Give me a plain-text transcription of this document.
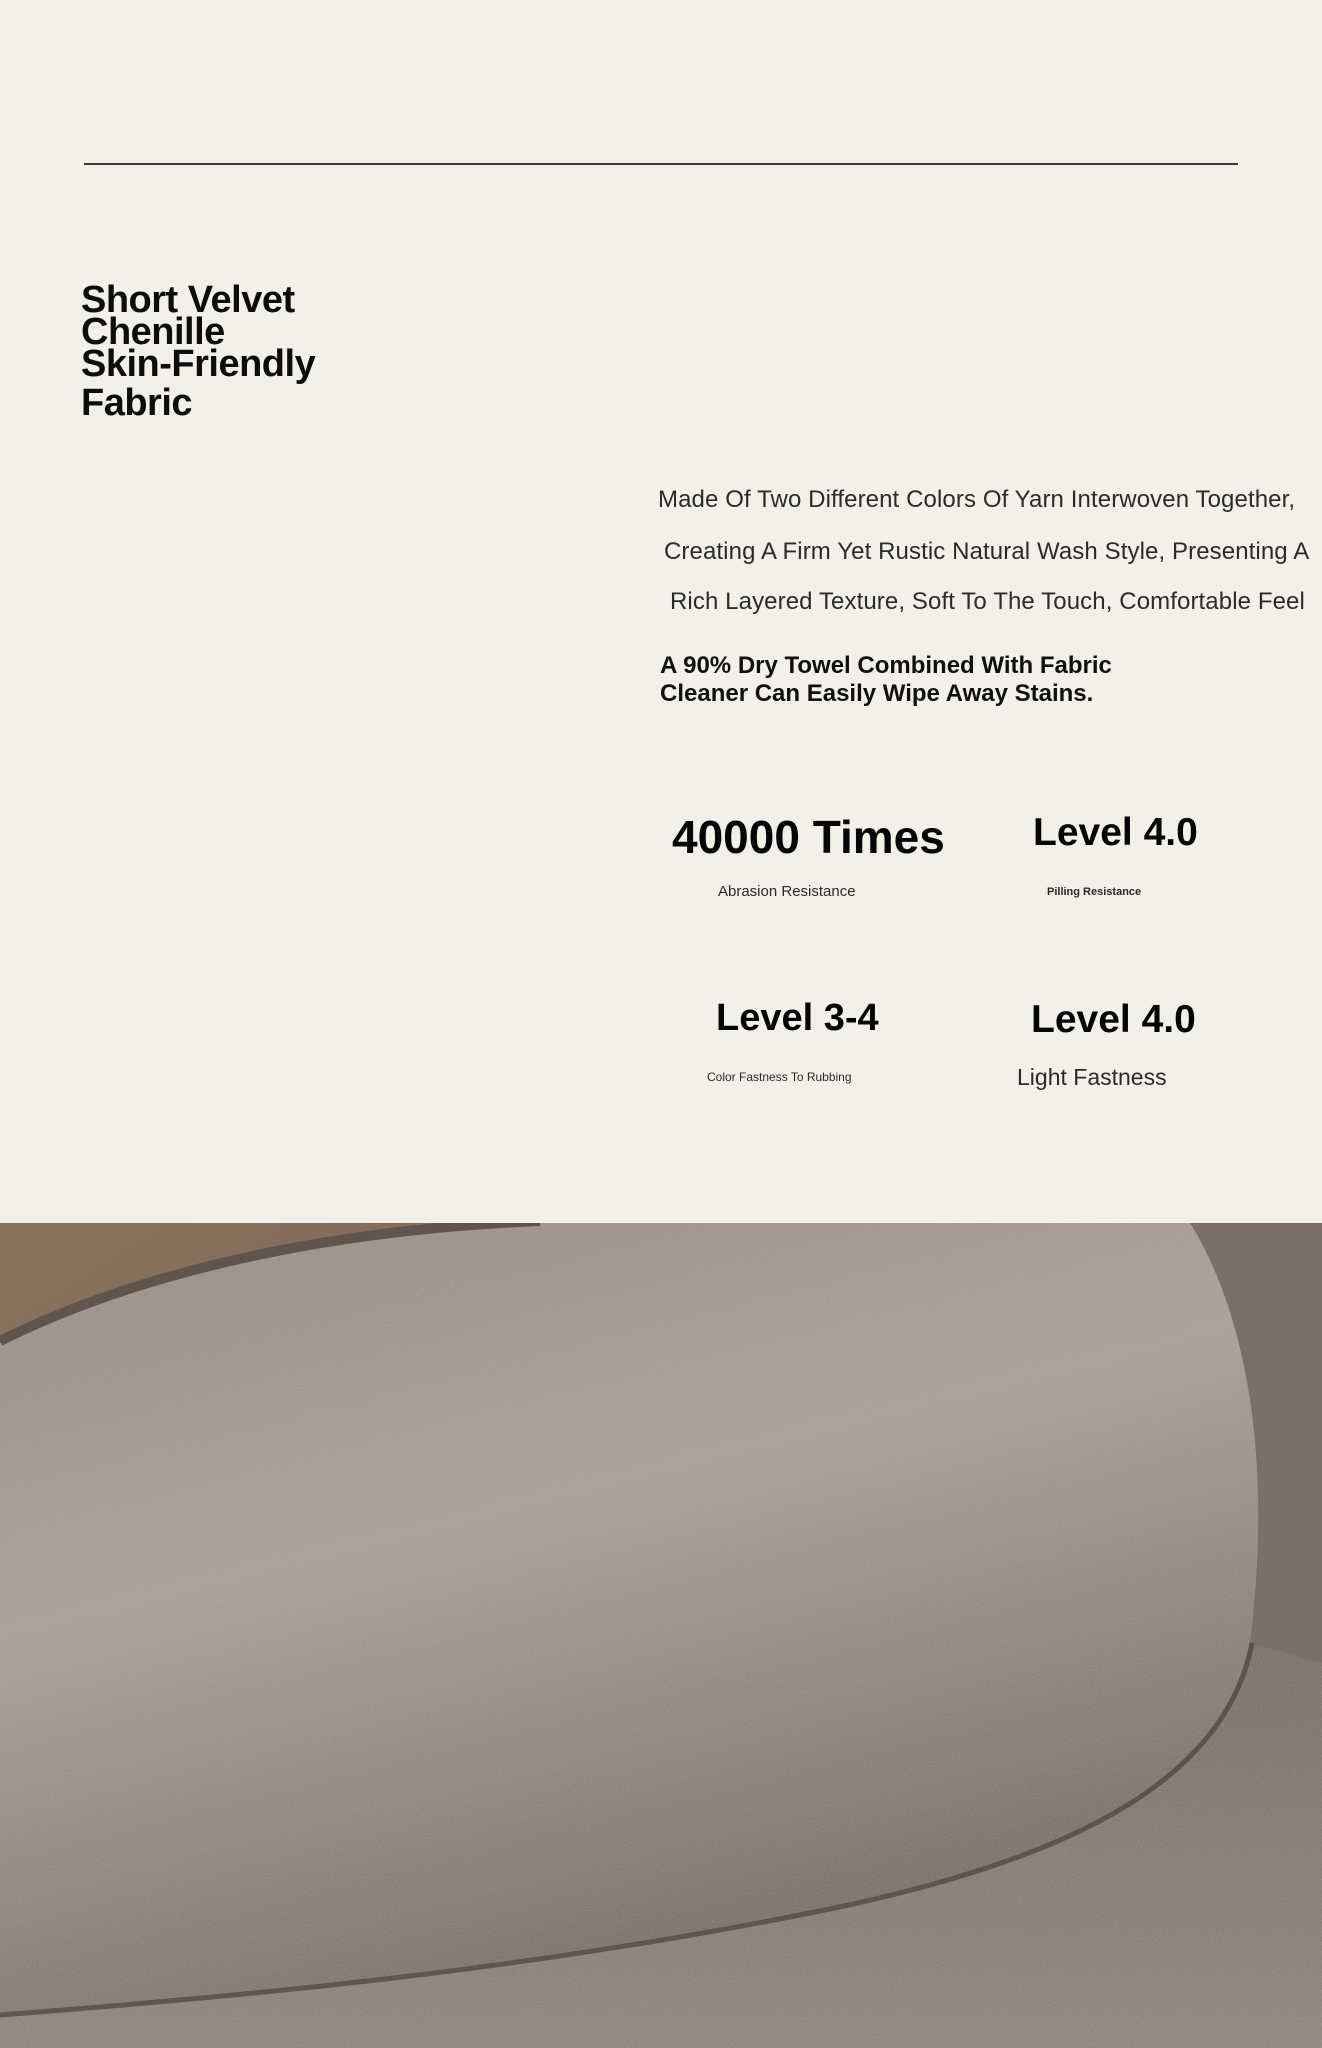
Short Velvet
Chenille
Skin-Friendly
Fabric
Made Of Two Different Colors Of Yarn Interwoven Together,
Creating A Firm Yet Rustic Natural Wash Style, Presenting A
Rich Layered Texture, Soft To The Touch, Comfortable Feel

A 90% Dry Towel Combined With Fabric
Cleaner Can Easily Wipe Away Stains.

40000 Times
Abrasion Resistance
Level 4.0
Pilling Resistance
Level 3-4
Color Fastness To Rubbing
Level 4.0
Light Fastness
